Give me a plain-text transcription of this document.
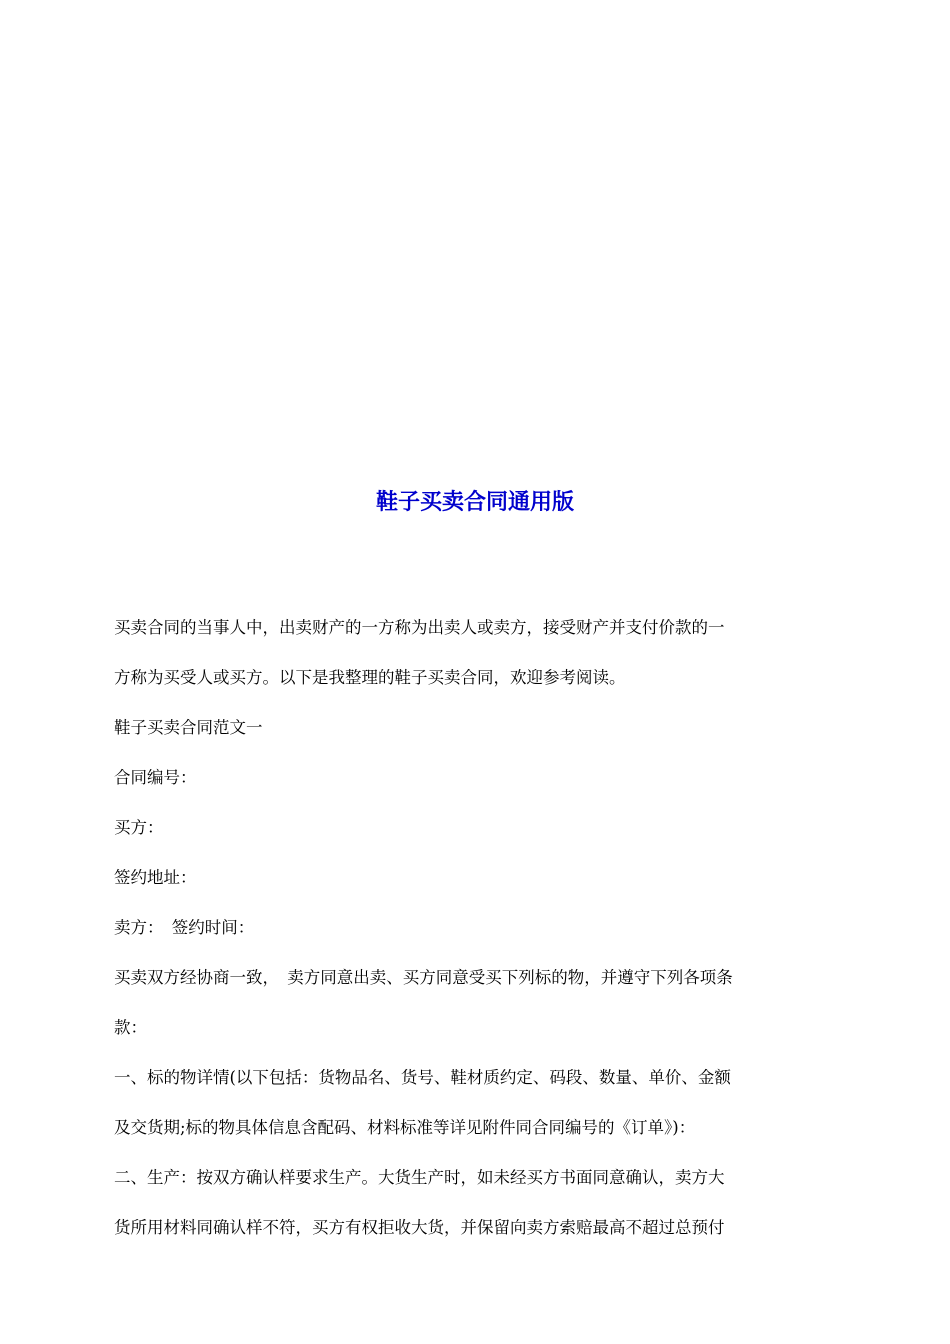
鞋子买卖合同通用版

买卖合同的当事人中，出卖财产的一方称为出卖人或卖方，接受财产并支付价款的一
方称为买受人或买方。以下是我整理的鞋子买卖合同，欢迎参考阅读。

鞋子买卖合同范文一

合同编号：

买方：

签约地址：

卖方：　签约时间：

买卖双方经协商一致，　卖方同意出卖、买方同意受买下列标的物，并遵守下列各项条
款：

一、标的物详情(以下包括：货物品名、货号、鞋材质约定、码段、数量、单价、金额
及交货期;标的物具体信息含配码、材料标准等详见附件同合同编号的《订单》)：

二、生产：按双方确认样要求生产。大货生产时，如未经买方书面同意确认，卖方大
货所用材料同确认样不符，买方有权拒收大货，并保留向卖方索赔最高不超过总预付
